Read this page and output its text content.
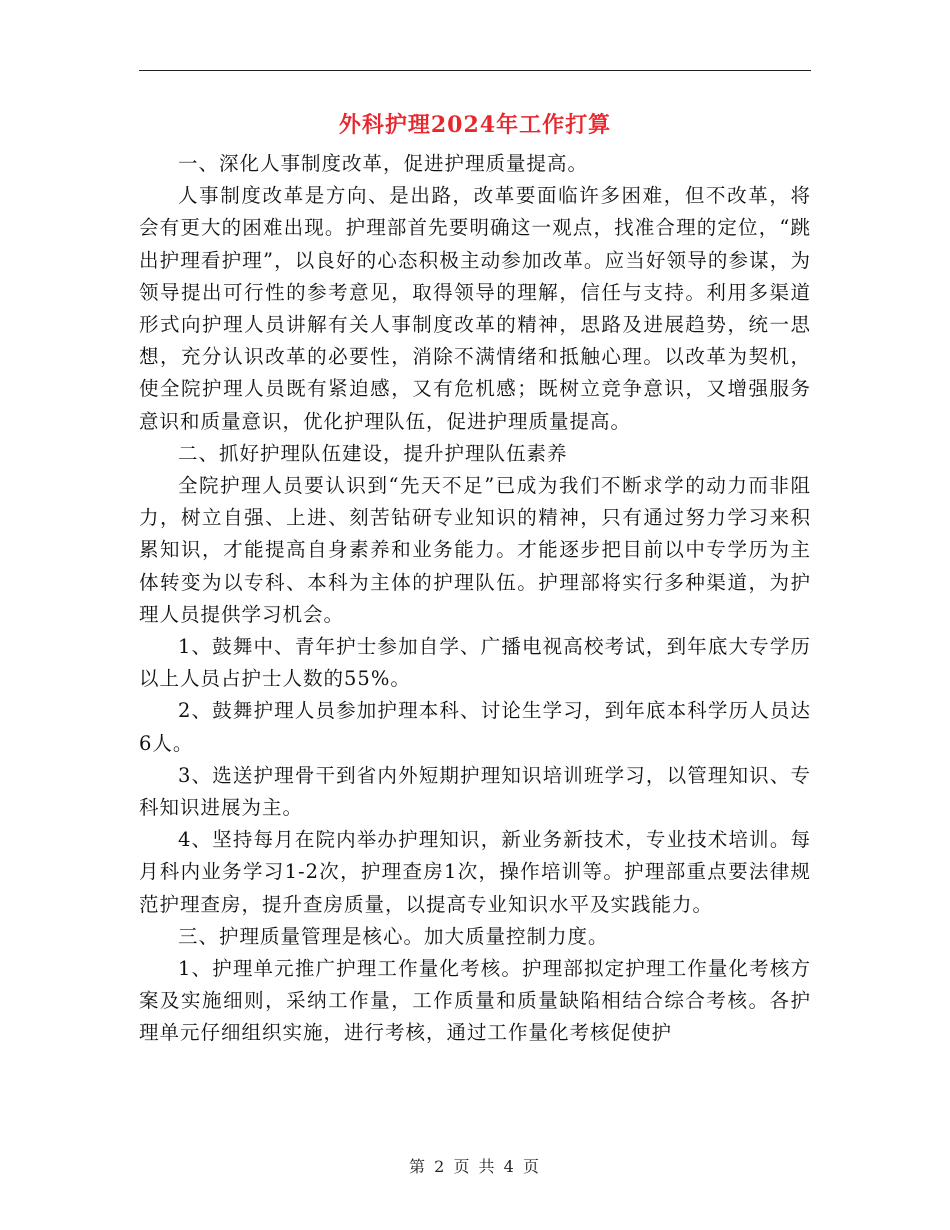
外科护理2024年工作打算

一、深化人事制度改革，促进护理质量提高。

人事制度改革是方向、是出路，改革要面临许多困难，但不改革，将会有更大的困难出现。护理部首先要明确这一观点，找准合理的定位，“跳出护理看护理”，以良好的心态积极主动参加改革。应当好领导的参谋，为领导提出可行性的参考意见，取得领导的理解，信任与支持。利用多渠道形式向护理人员讲解有关人事制度改革的精神，思路及进展趋势，统一思想，充分认识改革的必要性，消除不满情绪和抵触心理。以改革为契机，使全院护理人员既有紧迫感，又有危机感；既树立竞争意识，又增强服务意识和质量意识，优化护理队伍，促进护理质量提高。

二、抓好护理队伍建设，提升护理队伍素养

全院护理人员要认识到“先天不足”已成为我们不断求学的动力而非阻力，树立自强、上进、刻苦钻研专业知识的精神，只有通过努力学习来积累知识，才能提高自身素养和业务能力。才能逐步把目前以中专学历为主体转变为以专科、本科为主体的护理队伍。护理部将实行多种渠道，为护理人员提供学习机会。

1、鼓舞中、青年护士参加自学、广播电视高校考试，到年底大专学历以上人员占护士人数的55%。

2、鼓舞护理人员参加护理本科、讨论生学习，到年底本科学历人员达6人。

3、选送护理骨干到省内外短期护理知识培训班学习，以管理知识、专科知识进展为主。

4、坚持每月在院内举办护理知识，新业务新技术，专业技术培训。每月科内业务学习1-2次，护理查房1次，操作培训等。护理部重点要法律规范护理查房，提升查房质量，以提高专业知识水平及实践能力。

三、护理质量管理是核心。加大质量控制力度。

1、护理单元推广护理工作量化考核。护理部拟定护理工作量化考核方案及实施细则，采纳工作量，工作质量和质量缺陷相结合综合考核。各护理单元仔细组织实施，进行考核，通过工作量化考核促使护

第 2 页 共 4 页
